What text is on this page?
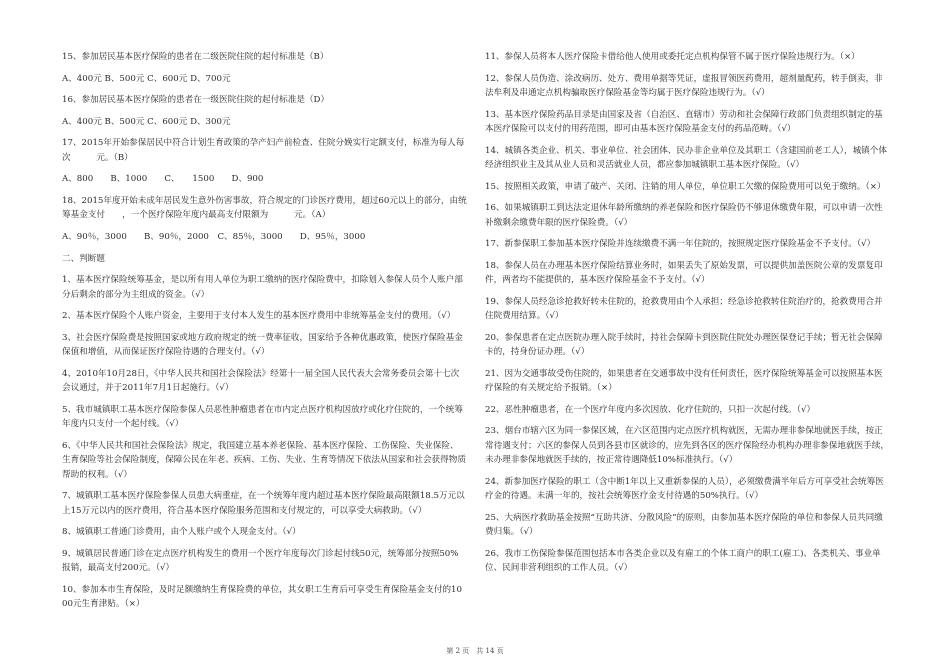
15、参加居民基本医疗保险的患者在二级医院住院的起付标准是（B）

A、400元 B、500元 C、600元 D、700元

16、参加居民基本医疗保险的患者在一级医院住院的起付标准是（D）

A、400元 B、500元 C、600元 D、300元

17、2015年开始参保居民中符合计划生育政策的孕产妇产前检查、住院分娩实行定额支付，标准为每人每次　　　元。（B）

A、800　　B、1000　　C、　　1500　　D、900

18、2015年度开始未成年居民发生意外伤害事故，符合规定的门诊医疗费用，超过60元以上的部分，由统筹基金支付　　，一个医疗保险年度内最高支付限额为　　　元。（A）

A、90％，3000　　B、90％，2000　C、85％，3000　　D、95％，3000

二、判断题

1、基本医疗保险统筹基金，是以所有用人单位为职工缴纳的医疗保险费中，扣除划入参保人员个人账户部分后剩余的部分为主组成的资金。（√）

2、基本医疗保险个人账户资金，主要用于支付本人发生的基本医疗费用中非统筹基金支付的费用。（√）

3、社会医疗保险费是按照国家或地方政府规定的统一费率征收，国家给予各种优惠政策，使医疗保险基金保值和增值，从而保证医疗保险待遇的合理支付。（√）

4、2010年10月28日，《中华人民共和国社会保险法》经第十一届全国人民代表大会常务委员会第十七次会议通过，并于2011年7月1日起施行。（√）

5、我市城镇职工基本医疗保险参保人员恶性肿瘤患者在市内定点医疗机构因放疗或化疗住院的，一个统筹年度内只支付一个起付线。（√）

6、《中华人民共和国社会保险法》规定，我国建立基本养老保险、基本医疗保险、工伤保险、失业保险、生育保险等社会保险制度，保障公民在年老、疾病、工伤、失业、生育等情况下依法从国家和社会获得物质帮助的权利。（√）

7、城镇职工基本医疗保险参保人员患大病重症，在一个统筹年度内超过基本医疗保险最高限额18.5万元以上15万元以内的医疗费用，符合基本医疗保险服务范围和支付规定的，可以享受大病救助。（√）

8、城镇职工普通门诊费用，由个人账户或个人现金支付。（√）

9、城镇居民普通门诊在定点医疗机构发生的费用一个医疗年度每次门诊起付线50元，统筹部分按照50%报销，最高支付200元。（√）

10、参加本市生育保险，及时足额缴纳生育保险费的单位，其女职工生育后可享受生育保险基金支付的1000元生育津贴。（×）

11、参保人员将本人医疗保险卡借给他人使用或委托定点机构保管不属于医疗保险违规行为。（×）

12、参保人员伪造、涂改病历、处方、费用单据等凭证，虚报冒领医药费用，超剂量配药，转手倒卖，非法牟利及串通定点机构骗取医疗保险基金等均属于医疗保险违规行为。（√）

13、基本医疗保险药品目录是由国家及省（自治区、直辖市）劳动和社会保障行政部门负责组织制定的基本医疗保险可以支付的用药范围，即可由基本医疗保险基金支付的药品范畴。（√）

14、城镇各类企业、机关、事业单位、社会团体、民办非企业单位及其职工（含建国前老工人），城镇个体经济组织业主及其从业人员和灵活就业人员，都应参加城镇职工基本医疗保险。（√）

15、按照相关政策，申请了破产、关闭、注销的用人单位，单位职工欠缴的保险费用可以免于缴纳。（×）

16、如果城镇职工到达法定退休年龄所缴纳的养老保险和医疗保险仍不够退休缴费年限，可以申请一次性补缴剩余缴费年限的医疗保险费。（√）

17、新参保职工参加基本医疗保险并连续缴费不满一年住院的，按照规定医疗保险基金不予支付。（√）

18、参保人员在办理基本医疗保险结算业务时，如果丢失了原始发票，可以提供加盖医院公章的发票复印件，两者均不能提供的，基本医疗保险基金不予支付。（√）

19、参保人员经急诊抢救好转未住院的，抢救费用由个人承担；经急诊抢救转住院治疗的，抢救费用合并住院费用结算。（√）

20、参保患者在定点医院办理入院手续时，持社会保障卡到医院住院处办理医保登记手续；暂无社会保障卡的，持身份证办理。（√）

21、因为交通事故受伤住院的，如果患者在交通事故中没有任何责任，医疗保险统筹基金可以按照基本医疗保险的有关规定给予报销。（×）

22、恶性肿瘤患者，在一个医疗年度内多次因放、化疗住院的，只扣一次起付线。（√）

23、烟台市辖六区为同一参保区域，在六区范围内定点医疗机构就医，无需办理非参保地就医手续，按正常待遇支付；六区的参保人员到各县市区就诊的，应先到各区的医疗保险经办机构办理非参保地就医手续，未办理非参保地就医手续的，按正常待遇降低10%标准执行。（√）

24、新参加医疗保险的职工（含中断1年以上又重新参保的人员），必须缴费满半年后方可享受社会统筹医疗金的待遇。未满一年的，按社会统筹医疗金支付待遇的50%执行。（√）

25、大病医疗救助基金按照“互助共济、分散风险”的原则，由参加基本医疗保险的单位和参保人员共同缴费归集。（√）

26、我市工伤保险参保范围包括本市各类企业以及有雇工的个体工商户的职工(雇工)、各类机关、事业单位、民间非营利组织的工作人员。（√）

第 2 页　共 14 页
